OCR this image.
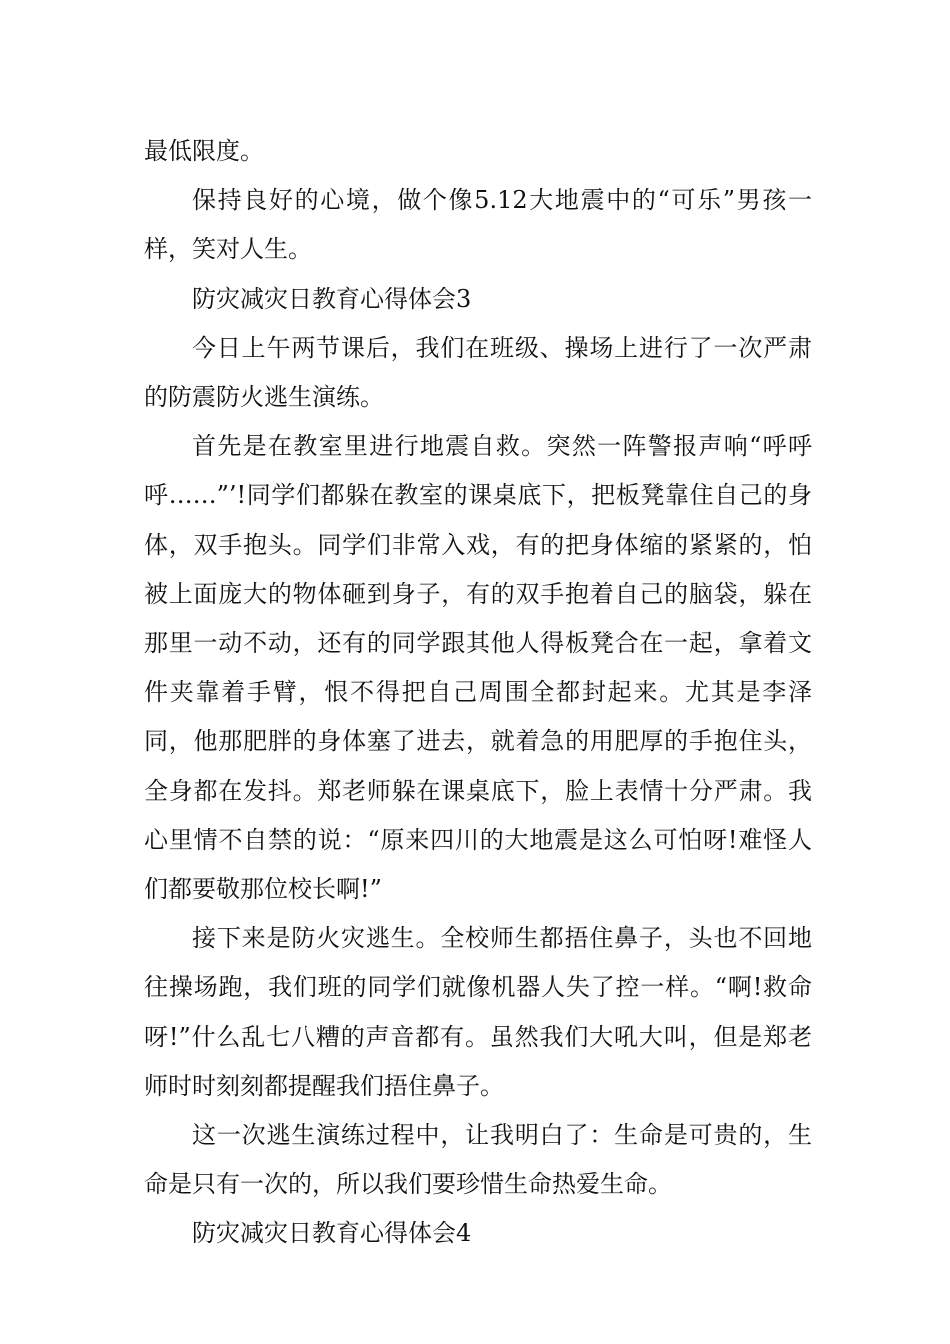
最低限度。

保持良好的心境，做个像5.12大地震中的“可乐”男孩一样，笑对人生。

防灾减灾日教育心得体会3

今日上午两节课后，我们在班级、操场上进行了一次严肃的防震防火逃生演练。

首先是在教室里进行地震自救。突然一阵警报声响“呼呼呼……”’!同学们都躲在教室的课桌底下，把板凳靠住自己的身体，双手抱头。同学们非常入戏，有的把身体缩的紧紧的，怕被上面庞大的物体砸到身子，有的双手抱着自己的脑袋，躲在那里一动不动，还有的同学跟其他人得板凳合在一起，拿着文件夹靠着手臂，恨不得把自己周围全都封起来。尤其是李泽同，他那肥胖的身体塞了进去，就着急的用肥厚的手抱住头，全身都在发抖。郑老师躲在课桌底下，脸上表情十分严肃。我心里情不自禁的说：“原来四川的大地震是这么可怕呀!难怪人们都要敬那位校长啊!”

接下来是防火灾逃生。全校师生都捂住鼻子，头也不回地往操场跑，我们班的同学们就像机器人失了控一样。“啊!救命呀!”什么乱七八糟的声音都有。虽然我们大吼大叫，但是郑老师时时刻刻都提醒我们捂住鼻子。

这一次逃生演练过程中，让我明白了：生命是可贵的，生命是只有一次的，所以我们要珍惜生命热爱生命。

防灾减灾日教育心得体会4
